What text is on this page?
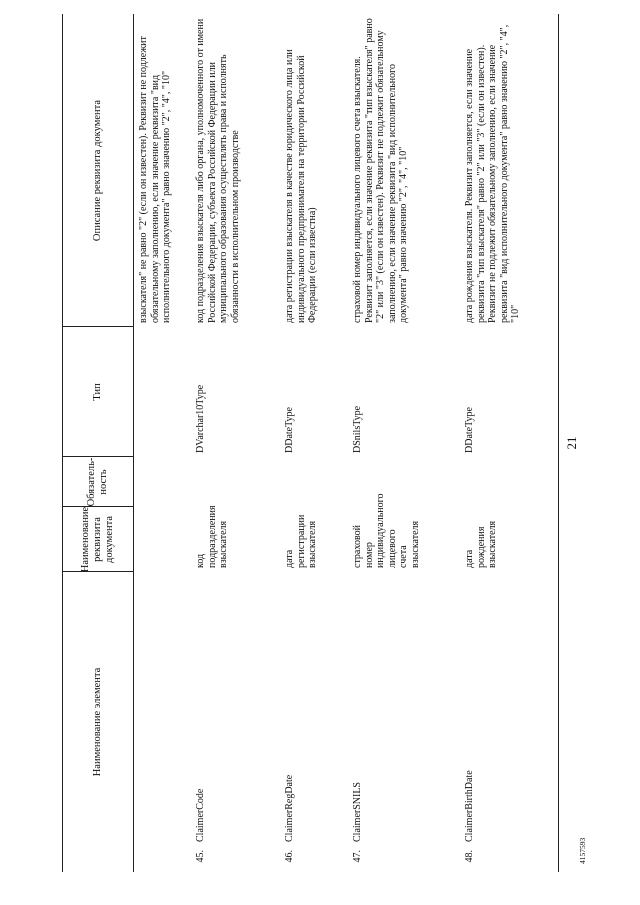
Наименование элемента
Наименование реквизита документа
Обязатель-ность
Тип
Описание реквизита документа	взыскателя" не равно "2" (если он известен). Реквизит не подлежит обязательному заполнению, если значение реквизита "вид исполнительного документа" равно значению "2", "4", "10"
45.
ClaimerCode
код подразделения взыскателя
DVarchar10Type
код подразделения взыскателя либо органа, уполномоченного от имени Российской Федерации, субъекта Российской Федерации или муниципального образования осуществлять права и исполнять обязанности в исполнительном производстве
46.
ClaimerRegDate
дата регистрации взыскателя
DDateType
дата регистрации взыскателя в качестве юридического лица или индивидуального предпринимателя на территории Российской Федерации (если известна)
47.
ClaimerSNILS
страховой номер индивидуального лицевого счета взыскателя
DSnilsType
страховой номер индивидуального лицевого счета взыскателя. Реквизит заполняется, если значение реквизита "тип взыскателя" равно "2" или "3" (если он известен). Реквизит не подлежит обязательному заполнению, если значение реквизита "вид исполнительного документа" равно значению "2", "4", "10"
48.
ClaimerBirthDate
дата рождения взыскателя
DDateType
дата рождения взыскателя. Реквизит заполняется, если значение реквизита "тип взыскателя" равно "2" или "3" (если он известен). Реквизит не подлежит обязательному заполнению, если значение реквизита "вид исполнительного документа" равно значению "2", "4", "10"
21
4157593
